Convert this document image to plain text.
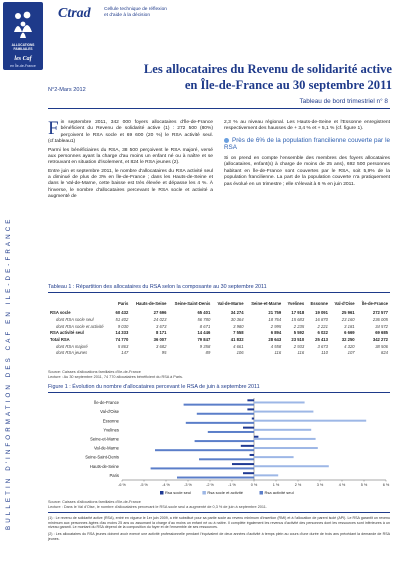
ALLOCATIONS FAMILIALES
les Caf
en Île-de-France
BULLETIN D'INFORMATION DES CAF EN ILE-DE-FRANCE
Ctrad	Cellule technique de réflexion
et d'aide à la décision
Les allocataires du Revenu de solidarité active
en Île-de-France au 30 septembre 2011
N°2-Mars 2012
Tableau de bord trimestriel n° 8
F in septembre 2011, 342 000 foyers allocataires d'Île-de-France bénéficient du Revenu de solidarité active (1) : 272 500 (80%) perçoivent le RSA socle et 69 600 (20 %) le RSA activité seul. (cf.tableau1)

Parmi les bénéficiaires du RSA, 38 500 perçoivent le RSA majoré, versé aux personnes ayant la charge d'au moins un enfant né ou à naître et se retrouvant en situation d'isolement, et 824 le RSA jeunes (2).

Entre juin et septembre 2011, le nombre d'allocataires du RSA activité seul a diminué de plus de 3% en Île-de-France ; dans les Hauts-de-Seine et dans le Val-de-Marne, cette baisse est très élevée et dépasse les 4 %. À l'inverse, le nombre d'allocataires percevant le RSA socle et activité a augmenté de

2,3 % au niveau régional. Les Hauts-de-Seine et l'Essonne enregistrent respectivement des hausses de + 3,4 % et + 5,1 % (cf. figure 1).

Près de 6% de la population francilienne couverte par le RSA

Si on prend en compte l'ensemble des membres des foyers allocataires (allocataires, enfant(s) à charge de moins de 25 ans), 692 500 personnes habitant en Île-de-France sont couvertes par le RSA, soit 5,9% de la population francilienne. La part de la population couverte n'a pratiquement pas évolué en un trimestre ; elle s'élevait à 6 % en juin 2011.

Tableau 1 : Répartition des allocataires du RSA selon la composante au 30 septembre 2011
	Paris	Hauts-de-Seine	Seine-Saint-Denis	Val-de-Marne	Seine-et-Marne	Yvelines	Essonne	Val-d'Oise	Île-de-France
RSA socle	60 432	27 696	65 401	34 274	21 759	17 918	19 091	25 961	272 577
dont RSA socle seul	51 402	24 023	56 780	30 364	18 764	15 683	16 870	23 160	236 005
dont RSA socle et activité	9 030	3 673	8 671	3 980	2 995	2 235	2 221	3 181	34 572
RSA activité seul	14 333	8 171	14 446	7 558	6 894	5 592	6 022	6 669	69 685
Total RSA	74 770	36 007	79 847	41 832	28 643	23 510	25 413	32 250	342 272
dont RSA majoré	5 863	3 682	9 358	4 661	4 558	2 933	3 673	4 320	38 506
dont RSA jeunes	147	95	89	106	116	116	110	107	824
Source: Caisses d'allocations familiales d'Ile-de-France
Lecture : Au 30 septembre 2011, 74 770 allocataires bénéficient du RSA à Paris.
Figure 1 : Évolution du nombre d'allocataires percevant le RSA de juin à septembre 2011
Île-de-France
Val-d'Oise
Essonne
Yvelines
Seine-et-Marne
Val-de-Marne
Seine-Saint-Denis
Hauts-de-Seine
Paris
-6 %	-5 %	-4 %	-3 %	-2 %	-1 %	0 %	1 %	2 %	3 %	4 %	5 %	6 %
Rsa socle seul	Rsa socle et activité	Rsa activité seul
Source: Caisses d'allocations familiales d'Ile-de-France
Lecture : Dans le Val d'Oise, le nombre d'allocataires percevant le RSA socle seul a augmenté de 0,3 % de juin à septembre 2011.

(1) : Le revenu de solidarité active (RSA), entré en vigueur le 1er juin 2009, a été substitué pour sa partie socle au revenu minimum d'insertion (RMI) et à l'allocation de parent isolé (API). Le RSA garantit un revenu minimum aux personnes âgées d'au moins 25 ans ou assumant la charge d'au moins un enfant né ou à naître. Il complète également les revenus d'activité des personnes dont les ressources sont inférieures à un niveau garanti. Le montant du RSA dépend de la composition du foyer et de l'ensemble de ses ressources.

(2) : Les allocataires du RSA jeunes doivent avoir exercé une activité professionnelle pendant l'équivalent de deux années d'activité à temps plein au cours d'une durée de trois ans précédant la demande de RSA jeunes.
